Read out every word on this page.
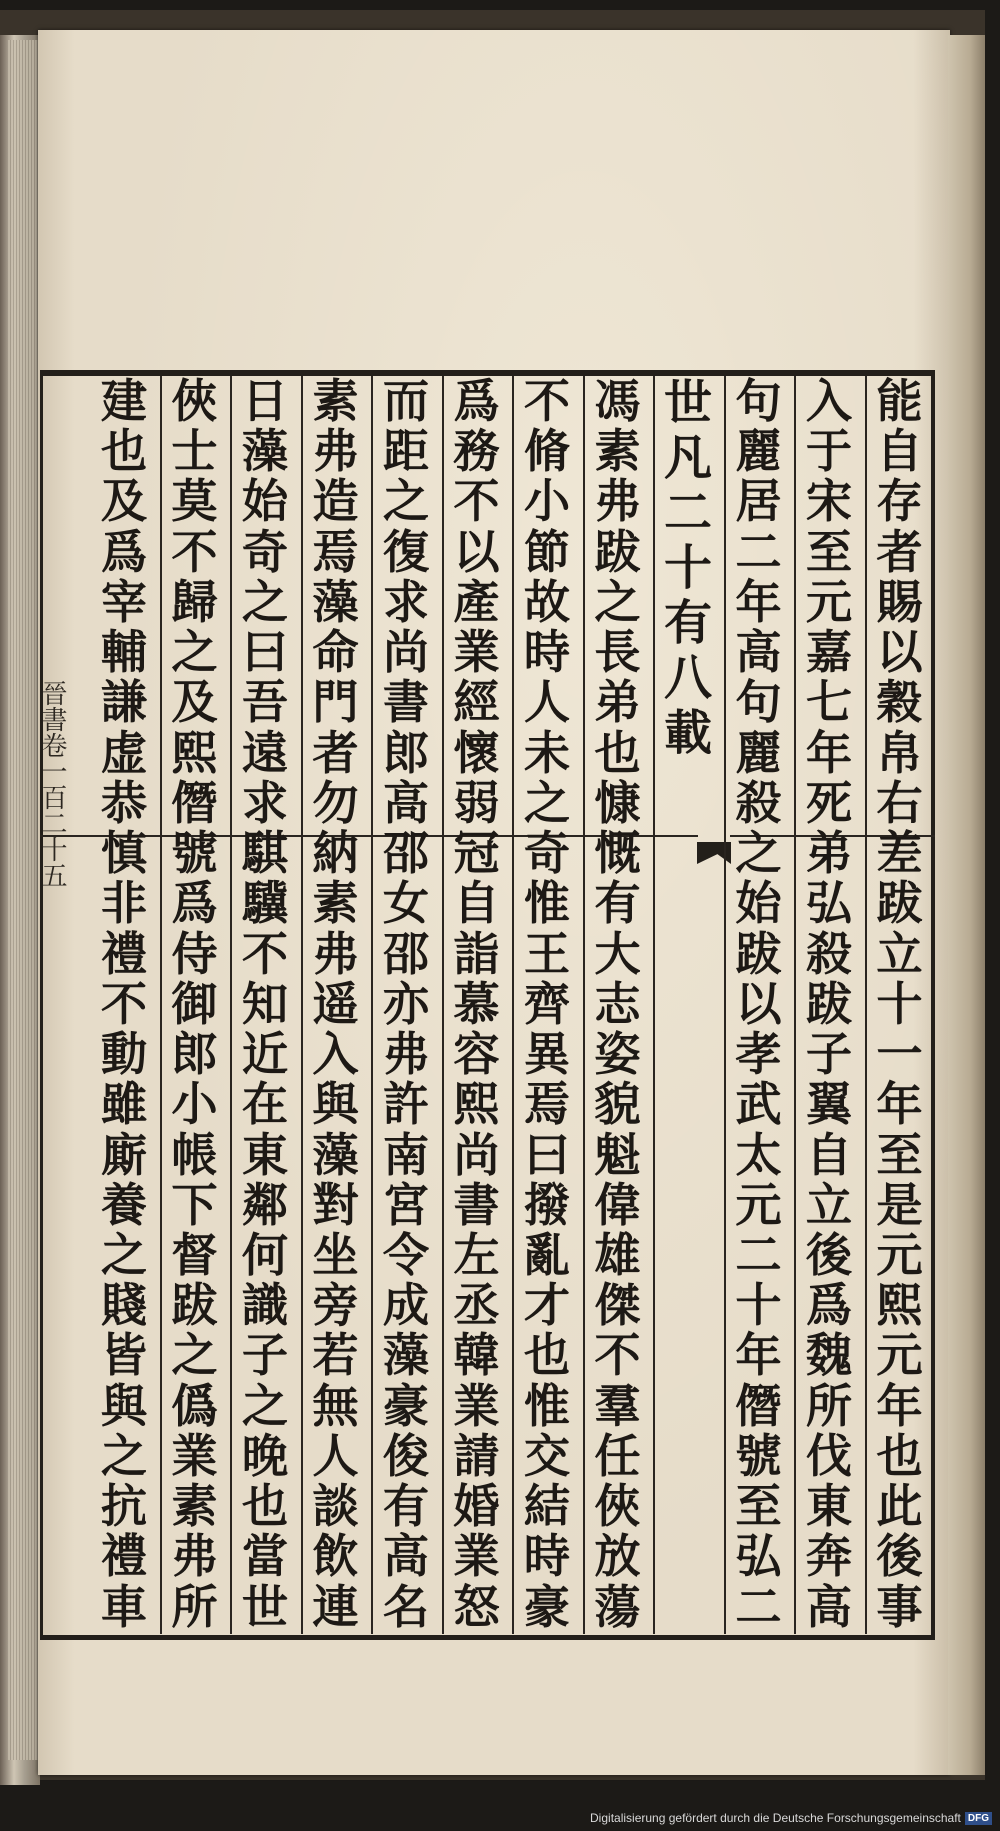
能
自
存
者
賜
以
穀
帛
右
差
跋
立
十
一
年
至
是
元
熙
元
年
也
此
後
事
入
于
宋
至
元
嘉
七
年
死
弟
弘
殺
跋
子
翼
自
立
後
爲
魏
所
伐
東
奔
高
句
麗
居
二
年
高
句
麗
殺
之
始
跋
以
孝
武
太
元
二
十
年
僭
號
至
弘
二
世
凡
二
十
有
八
載
馮
素
弗
跋
之
長
弟
也
慷
慨
有
大
志
姿
貌
魁
偉
雄
傑
不
羣
任
俠
放
蕩
不
脩
小
節
故
時
人
未
之
奇
惟
王
齊
異
焉
曰
撥
亂
才
也
惟
交
結
時
豪
爲
務
不
以
產
業
經
懷
弱
冠
自
詣
慕
容
熙
尚
書
左
丞
韓
業
請
婚
業
怒
而
距
之
復
求
尚
書
郎
高
邵
女
邵
亦
弗
許
南
宮
令
成
藻
豪
俊
有
高
名
素
弗
造
焉
藻
命
門
者
勿
納
素
弗
遥
入
與
藻
對
坐
旁
若
無
人
談
飲
連
日
藻
始
奇
之
曰
吾
遠
求
騏
驥
不
知
近
在
東
鄰
何
識
子
之
晚
也
當
世
俠
士
莫
不
歸
之
及
熙
僭
號
爲
侍
御
郎
小
帳
下
督
跋
之
僞
業
素
弗
所
建
也
及
爲
宰
輔
謙
虚
恭
慎
非
禮
不
動
雖
廝
養
之
賤
皆
與
之
抗
禮
車
晉書卷一百二十五
Digitalisierung gefördert durch die Deutsche Forschungsgemeinschaft DFG
